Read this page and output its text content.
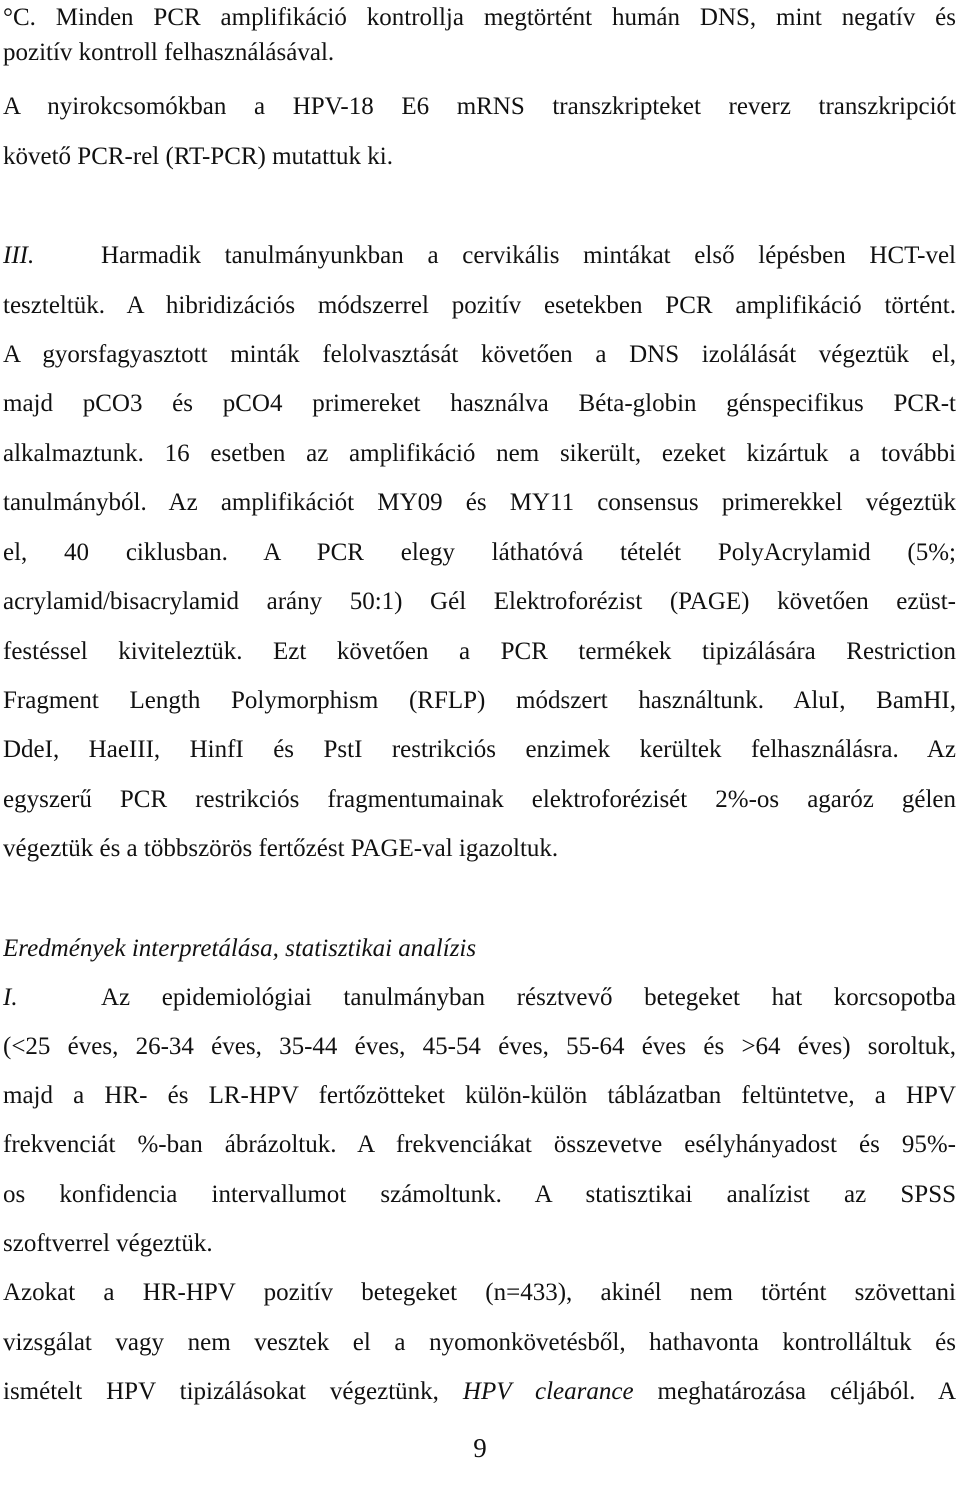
°C. Minden PCR amplifikáció kontrollja megtörtént humán DNS, mint negatív és
pozitív kontroll felhasználásával.
A nyirokcsomókban a HPV-18 E6 mRNS transzkripteket reverz transzkripciót
követő PCR-rel (RT-PCR) mutattuk ki.
III.	Harmadik tanulmányunkban a cervikális mintákat első lépésben HCT-vel
teszteltük. A hibridizációs módszerrel pozitív esetekben PCR amplifikáció történt.
A gyorsfagyasztott minták felolvasztását követően a DNS izolálását végeztük el,
majd pCO3 és pCO4 primereket használva Béta-globin génspecifikus PCR-t
alkalmaztunk. 16 esetben az amplifikáció nem sikerült, ezeket kizártuk a további
tanulmányból. Az amplifikációt MY09 és MY11 consensus primerekkel végeztük
el, 40 ciklusban. A PCR elegy láthatóvá tételét PolyAcrylamid (5%;
acrylamid/bisacrylamid arány 50:1) Gél Elektroforézist (PAGE) követően ezüst-
festéssel kiviteleztük. Ezt követően a PCR termékek tipizálására Restriction
Fragment Length Polymorphism (RFLP) módszert használtunk. AluI, BamHI,
DdeI, HaeIII, HinfI és PstI restrikciós enzimek kerültek felhasználásra. Az
egyszerű PCR restrikciós fragmentumainak elektroforézisét 2%-os agaróz gélen
végeztük és a többszörös fertőzést PAGE-val igazoltuk.
Eredmények interpretálása, statisztikai analízis
I.	Az epidemiológiai tanulmányban résztvevő betegeket hat korcsopotba
(<25 éves, 26-34 éves, 35-44 éves, 45-54 éves, 55-64 éves és >64 éves) soroltuk,
majd a HR- és LR-HPV fertőzötteket külön-külön táblázatban feltüntetve, a HPV
frekvenciát %-ban ábrázoltuk. A frekvenciákat összevetve esélyhányadost és 95%-
os konfidencia intervallumot számoltunk. A statisztikai analízist az SPSS
szoftverrel végeztük.
Azokat a HR-HPV pozitív betegeket (n=433), akinél nem történt szövettani
vizsgálat vagy nem vesztek el a nyomonkövetésből, hathavonta kontrolláltuk és
ismételt HPV tipizálásokat végeztünk, HPV clearance meghatározása céljából. A
9
